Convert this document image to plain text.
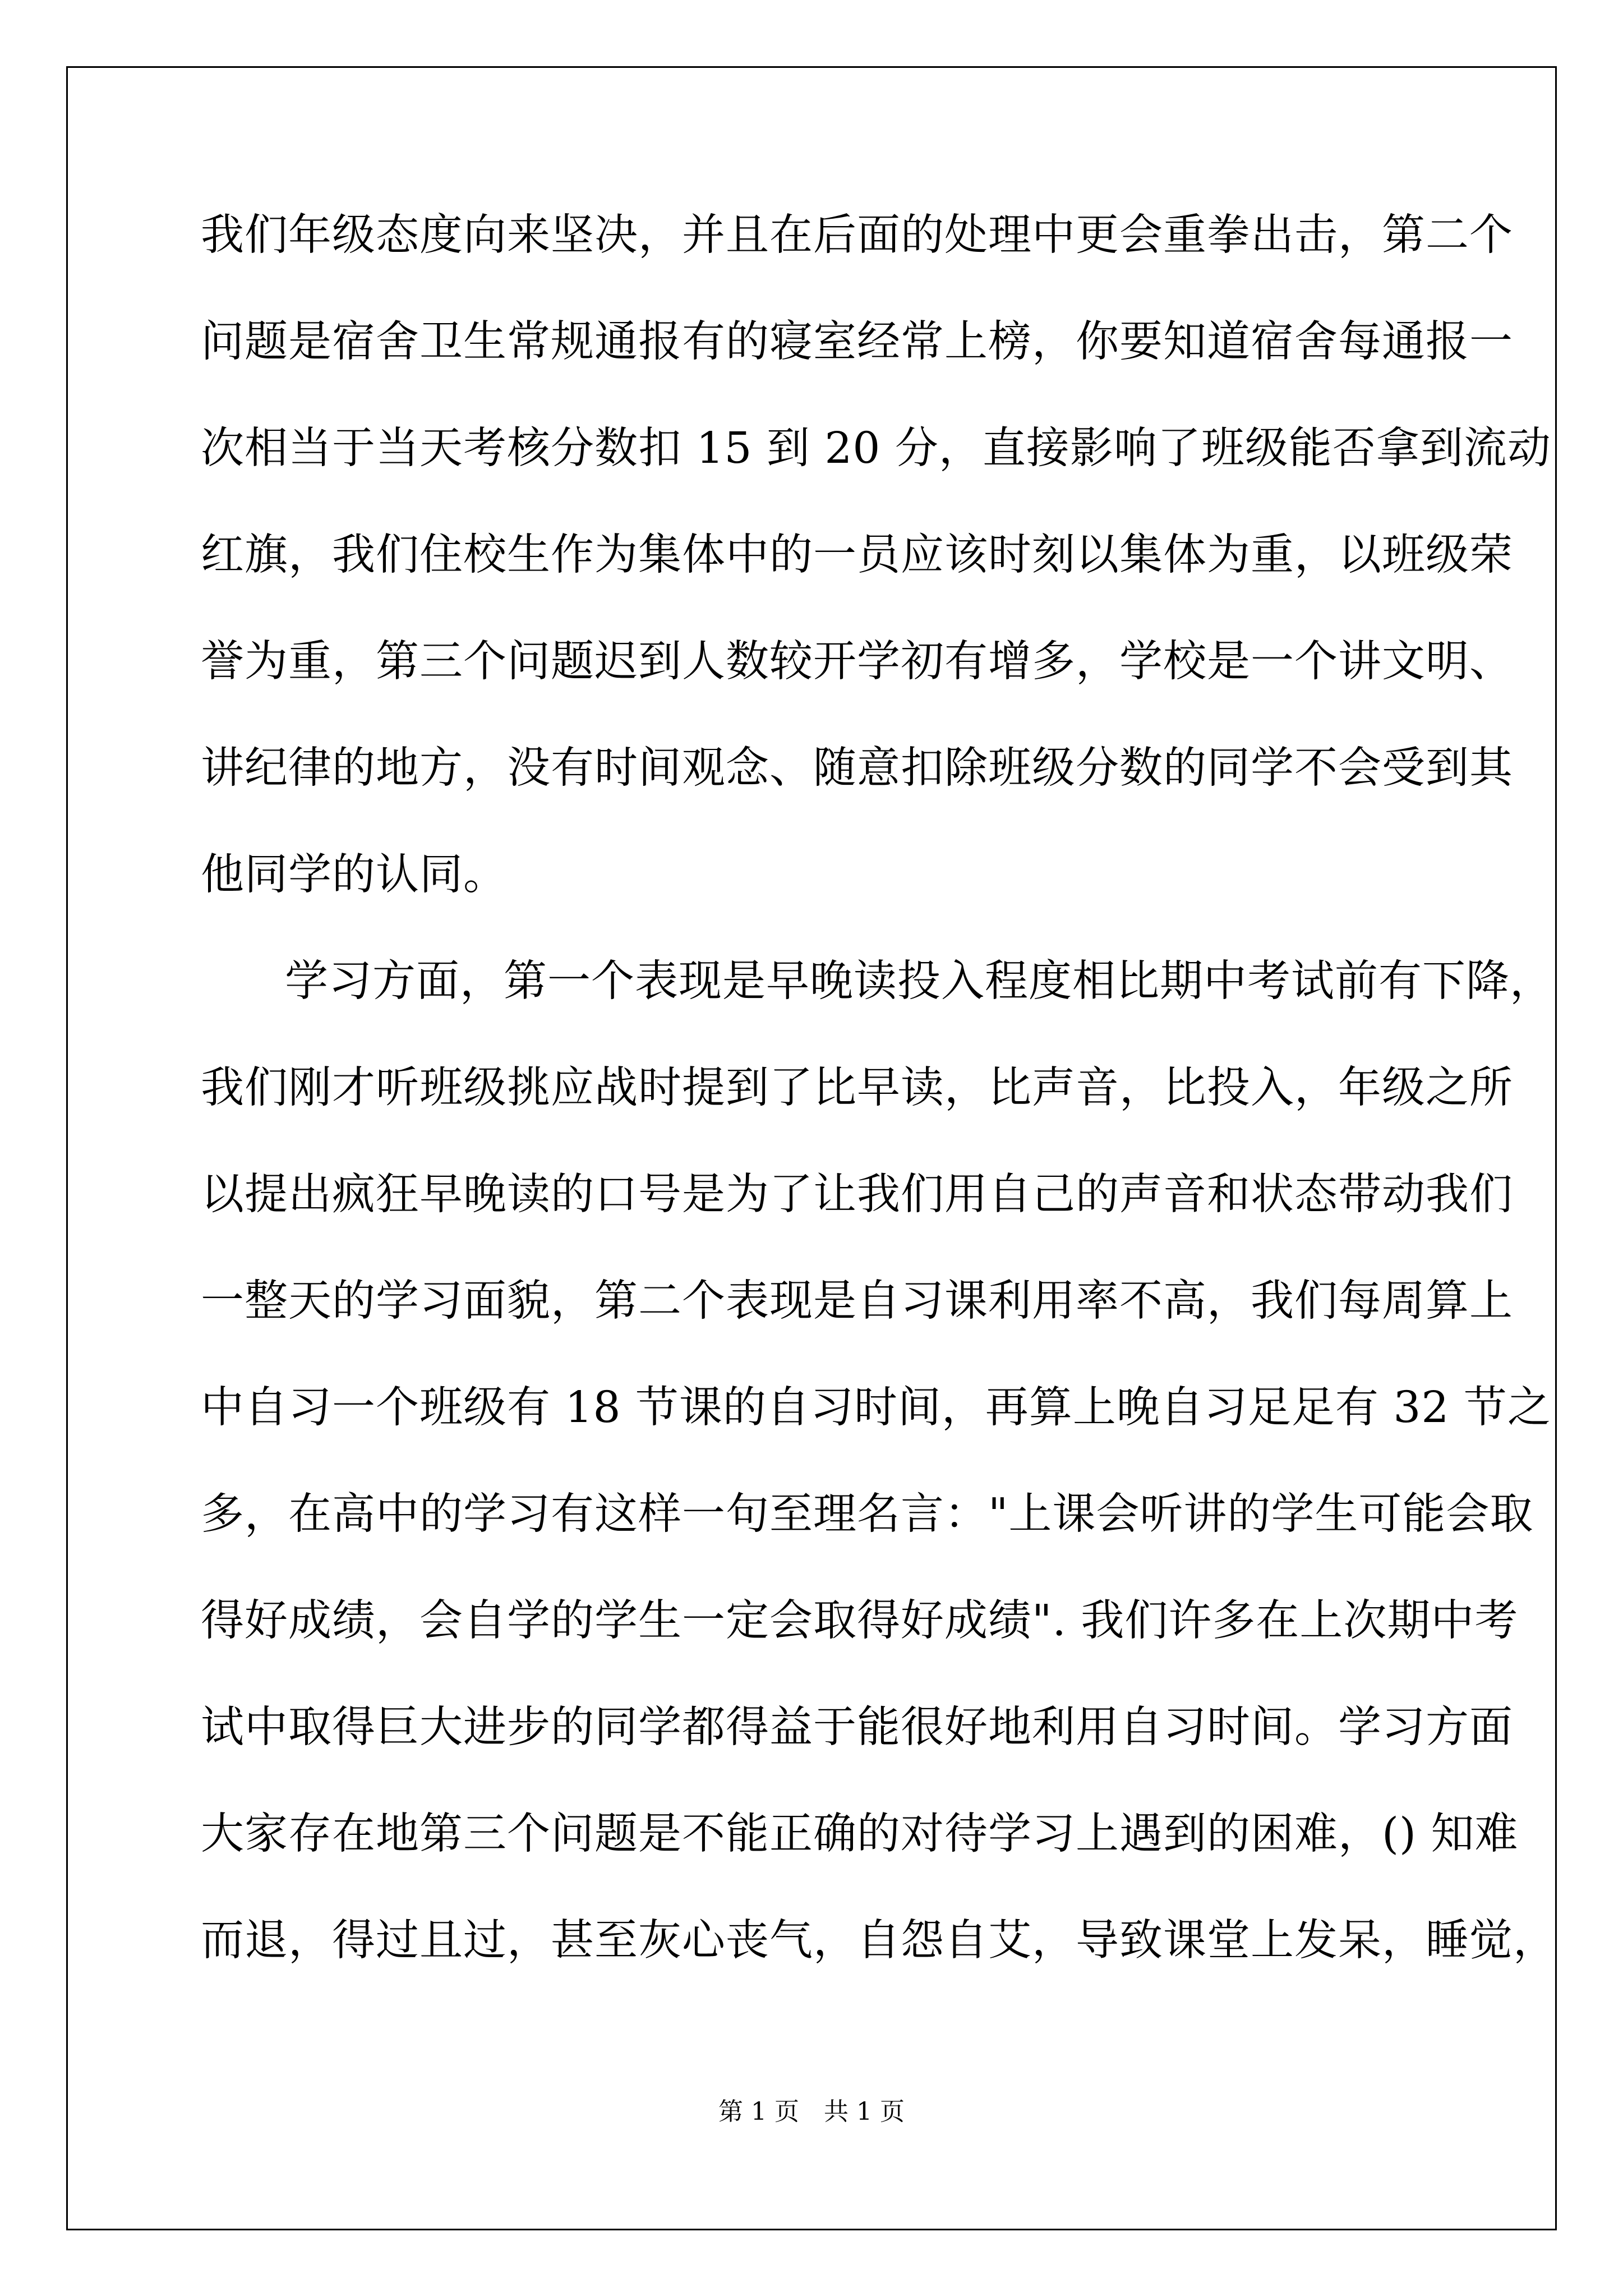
我们年级态度向来坚决，并且在后面的处理中更会重拳出击，第二个
问题是宿舍卫生常规通报有的寝室经常上榜，你要知道宿舍每通报一
次相当于当天考核分数扣 15 到 20 分，直接影响了班级能否拿到流动
红旗，我们住校生作为集体中的一员应该时刻以集体为重，以班级荣
誉为重，第三个问题迟到人数较开学初有增多，学校是一个讲文明、
讲纪律的地方，没有时间观念、随意扣除班级分数的同学不会受到其
他同学的认同。
学习方面，第一个表现是早晚读投入程度相比期中考试前有下降，
我们刚才听班级挑应战时提到了比早读，比声音，比投入，年级之所
以提出疯狂早晚读的口号是为了让我们用自己的声音和状态带动我们
一整天的学习面貌，第二个表现是自习课利用率不高，我们每周算上
中自习一个班级有 18 节课的自习时间，再算上晚自习足足有 32 节之
多，在高中的学习有这样一句至理名言："上课会听讲的学生可能会取
得好成绩，会自学的学生一定会取得好成绩". 我们许多在上次期中考
试中取得巨大进步的同学都得益于能很好地利用自习时间。学习方面
大家存在地第三个问题是不能正确的对待学习上遇到的困难，() 知难
而退，得过且过，甚至灰心丧气，自怨自艾，导致课堂上发呆，睡觉，
第 1 页 共 1 页
